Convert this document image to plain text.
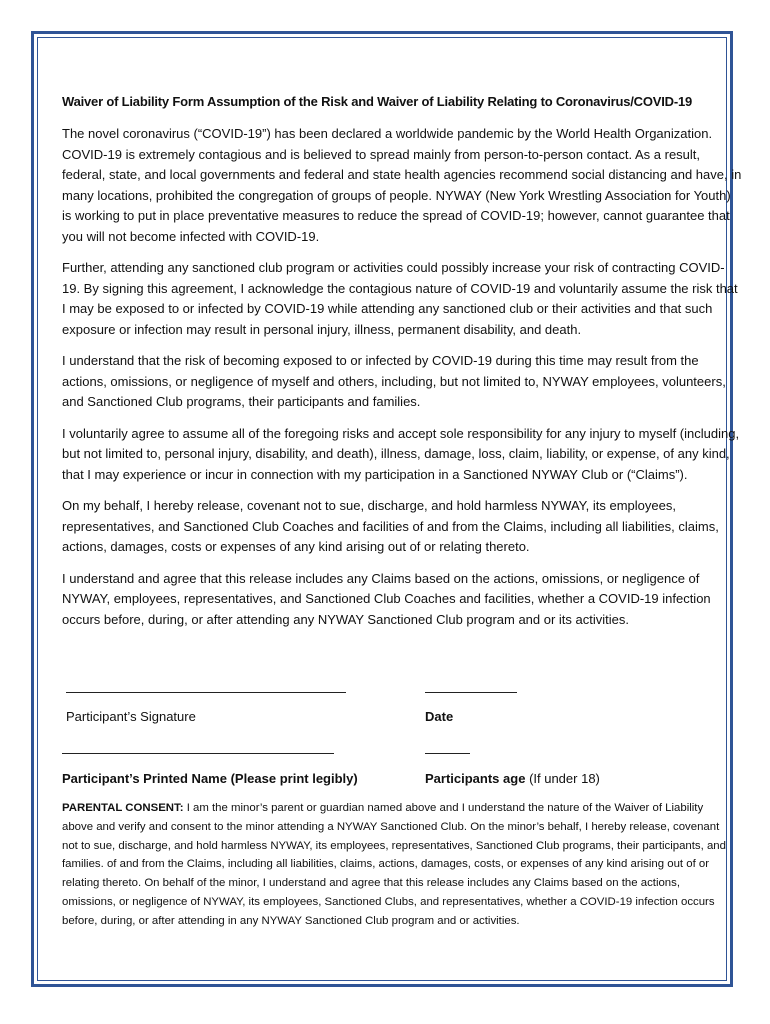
Waiver of Liability Form Assumption of the Risk and Waiver of Liability Relating to Coronavirus/COVID-19

The novel coronavirus (“COVID-19”) has been declared a worldwide pandemic by the World Health Organization. COVID-19 is extremely contagious and is believed to spread mainly from person-to-person contact. As a result, federal, state, and local governments and federal and state health agencies recommend social distancing and have, in many locations, prohibited the congregation of groups of people. NYWAY (New York Wrestling Association for Youth) is working to put in place preventative measures to reduce the spread of COVID-19; however, cannot guarantee that you will not become infected with COVID-19.

Further, attending any sanctioned club program or activities could possibly increase your risk of contracting COVID-19. By signing this agreement, I acknowledge the contagious nature of COVID-19 and voluntarily assume the risk that I may be exposed to or infected by COVID-19 while attending any sanctioned club or their activities and that such exposure or infection may result in personal injury, illness, permanent disability, and death.

I understand that the risk of becoming exposed to or infected by COVID-19 during this time may result from the actions, omissions, or negligence of myself and others, including, but not limited to, NYWAY employees, volunteers, and Sanctioned Club programs, their participants and families.

I voluntarily agree to assume all of the foregoing risks and accept sole responsibility for any injury to myself (including, but not limited to, personal injury, disability, and death), illness, damage, loss, claim, liability, or expense, of any kind, that I may experience or incur in connection with my participation in a Sanctioned NYWAY Club or (“Claims”).

On my behalf, I hereby release, covenant not to sue, discharge, and hold harmless NYWAY, its employees, representatives, and Sanctioned Club Coaches and facilities of and from the Claims, including all liabilities, claims, actions, damages, costs or expenses of any kind arising out of or relating thereto.

I understand and agree that this release includes any Claims based on the actions, omissions, or negligence of NYWAY, employees, representatives, and Sanctioned Club Coaches and facilities, whether a COVID-19 infection occurs before, during, or after attending any NYWAY Sanctioned Club program and or its activities.

Participant’s Signature	Date
Participant’s Printed Name (Please print legibly)	Participants age (If under 18)
PARENTAL CONSENT: I am the minor’s parent or guardian named above and I understand the nature of the Waiver of Liability above and verify and consent to the minor attending a NYWAY Sanctioned Club. On the minor’s behalf, I hereby release, covenant not to sue, discharge, and hold harmless NYWAY, its employees, representatives, Sanctioned Club programs, their participants, and families. of and from the Claims, including all liabilities, claims, actions, damages, costs, or expenses of any kind arising out of or relating thereto. On behalf of the minor, I understand and agree that this release includes any Claims based on the actions, omissions, or negligence of NYWAY, its employees, Sanctioned Clubs, and representatives, whether a COVID-19 infection occurs before, during, or after attending in any NYWAY Sanctioned Club program and or activities.
